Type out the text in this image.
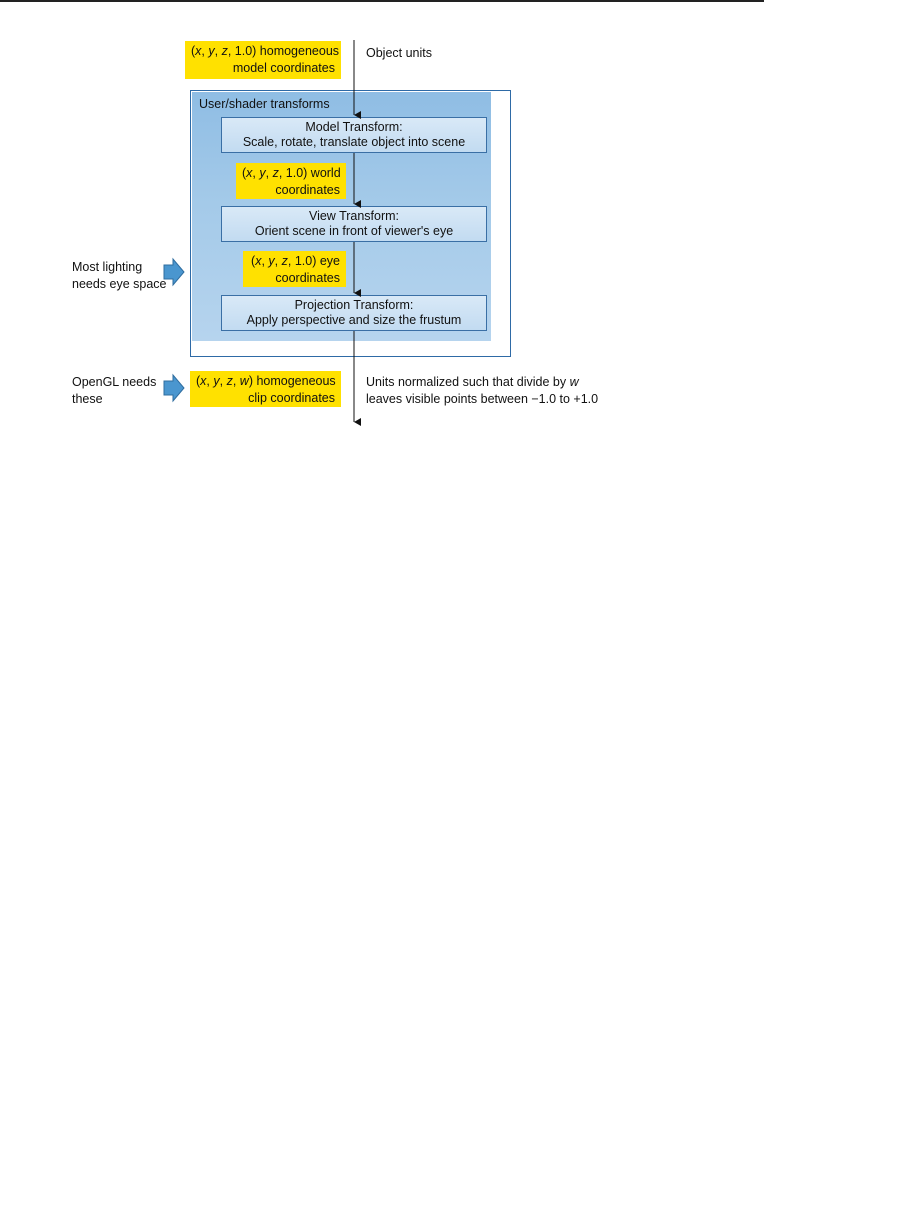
(x, y, z, 1.0) homogeneous
model coordinates
Object units
User/shader transforms
Model Transform:
Scale, rotate, translate object into scene
(x, y, z, 1.0) world
coordinates
View Transform:
Orient scene in front of viewer's eye
(x, y, z, 1.0) eye
coordinates
Projection Transform:
Apply perspective and size the frustum
Most lighting
needs eye space
(x, y, z, w) homogeneous
clip coordinates
OpenGL needs
these
Units normalized such that divide by w
leaves visible points between −1.0 to +1.0
